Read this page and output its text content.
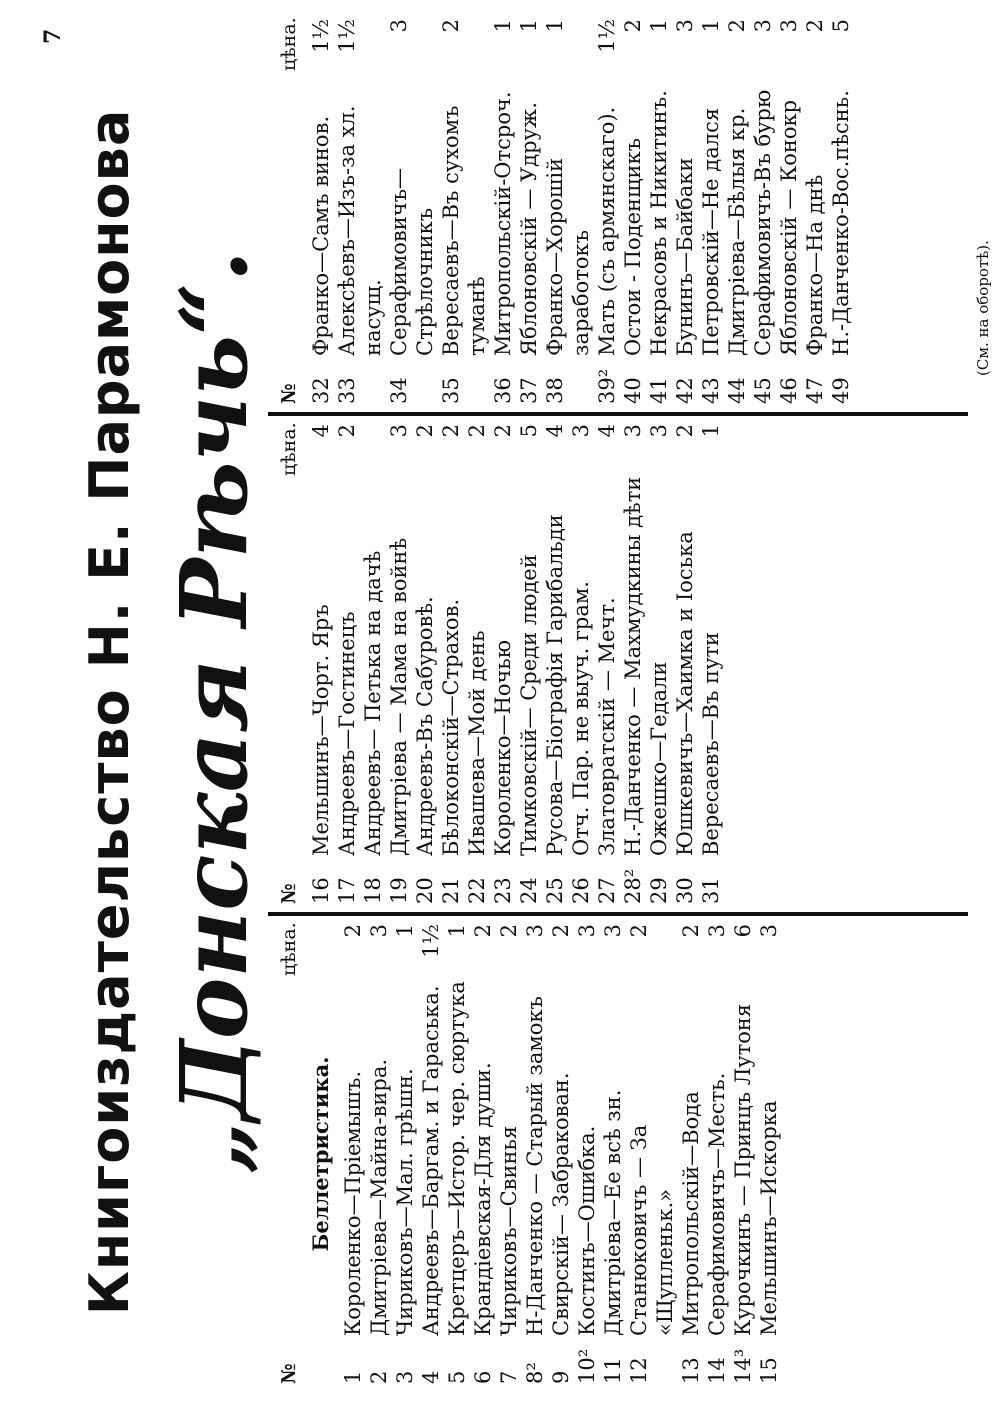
Книгоиздательство Н. Е. Парамонова „Донская Рѣчь“.
№
цѣна.
Беллетристика.
1
Короленко—Пріемышъ.
2
2
Дмитріева—Майна-вира.
3
3
Чириковъ—Мал. грѣшн.
1
4
Андреевъ—Баргам. и Гараська.
1½
5
Кретцеръ—Истор. чер. сюртука
1
6
Крандіевская-Для души.
2
7
Чириковъ—Свинья
2
8²
Н-Данченко — Старый замокъ
3
9
Свирскій— Забракован.
2
10²
Костинъ—Ошибка.
3
11
Дмитріева—Ее всѣ зн.
3
12
Станюковичъ — За «Щупленьк.»
2
13
Митропольскій—Вода
2
14
Серафимовичъ—Месть.
3
14³
Курочкинъ — Принцъ Лутоня
6
15
Мельшинъ—Искорка
3
№
цѣна.
16
Мельшинъ—Чорт. Яръ
4
17
Андреевъ—Гостинецъ
2
18
Андреевъ— Петька на дачѣ
19
Дмитріева — Мама на войнѣ
3
20
Андреевъ-Въ Сабуровѣ.
2
21
Бѣлоконскій—Страхов.
2
22
Ивашева—Мой день
2
23
Короленко—Ночью
2
24
Тимковскій— Среди людей
5
25
Русова—Біографія Гарибальди
4
26
Отч. Пар. не выуч. грам.
3
27
Златовратскій — Мечт.
4
28²
Н.-Данченко — Махмудкины дѣти
3
29
Ожешко—Гедали
3
30
Юшкевичъ—Хаимка и Іоська
2
31
Вересаевъ—Въ пути
1
№
цѣна.
32
Франко—Самъ винов.
1½
33
Алексѣевъ—Изъ-за хл. насущ.
1½
34
Серафимовичъ—Стрѣлочникъ
3
35
Вересаевъ—Въ сухомъ туманѣ
2
36
Митропольскій-Отсроч.
1
37
Яблоновскій — Удруж.
1
38
Франко—Хорошій заработокъ
1
39²
Мать (съ армянскаго).
1½
40
Остои - Поденщикъ
2
41
Некрасовъ и Никитинъ.
1
42
Бунинъ—Байбаки
3
43
Петровскій—Не дался
1
44
Дмитріева—Бѣлыя кр.
2
45
Серафимовичъ-Въ бурю
3
46
Яблоновскій — Конокр
3
47
Франко—На днѣ
2
49
Н.-Данченко-Вос.пѣснь.
5
(См. на оборотѣ).
7
